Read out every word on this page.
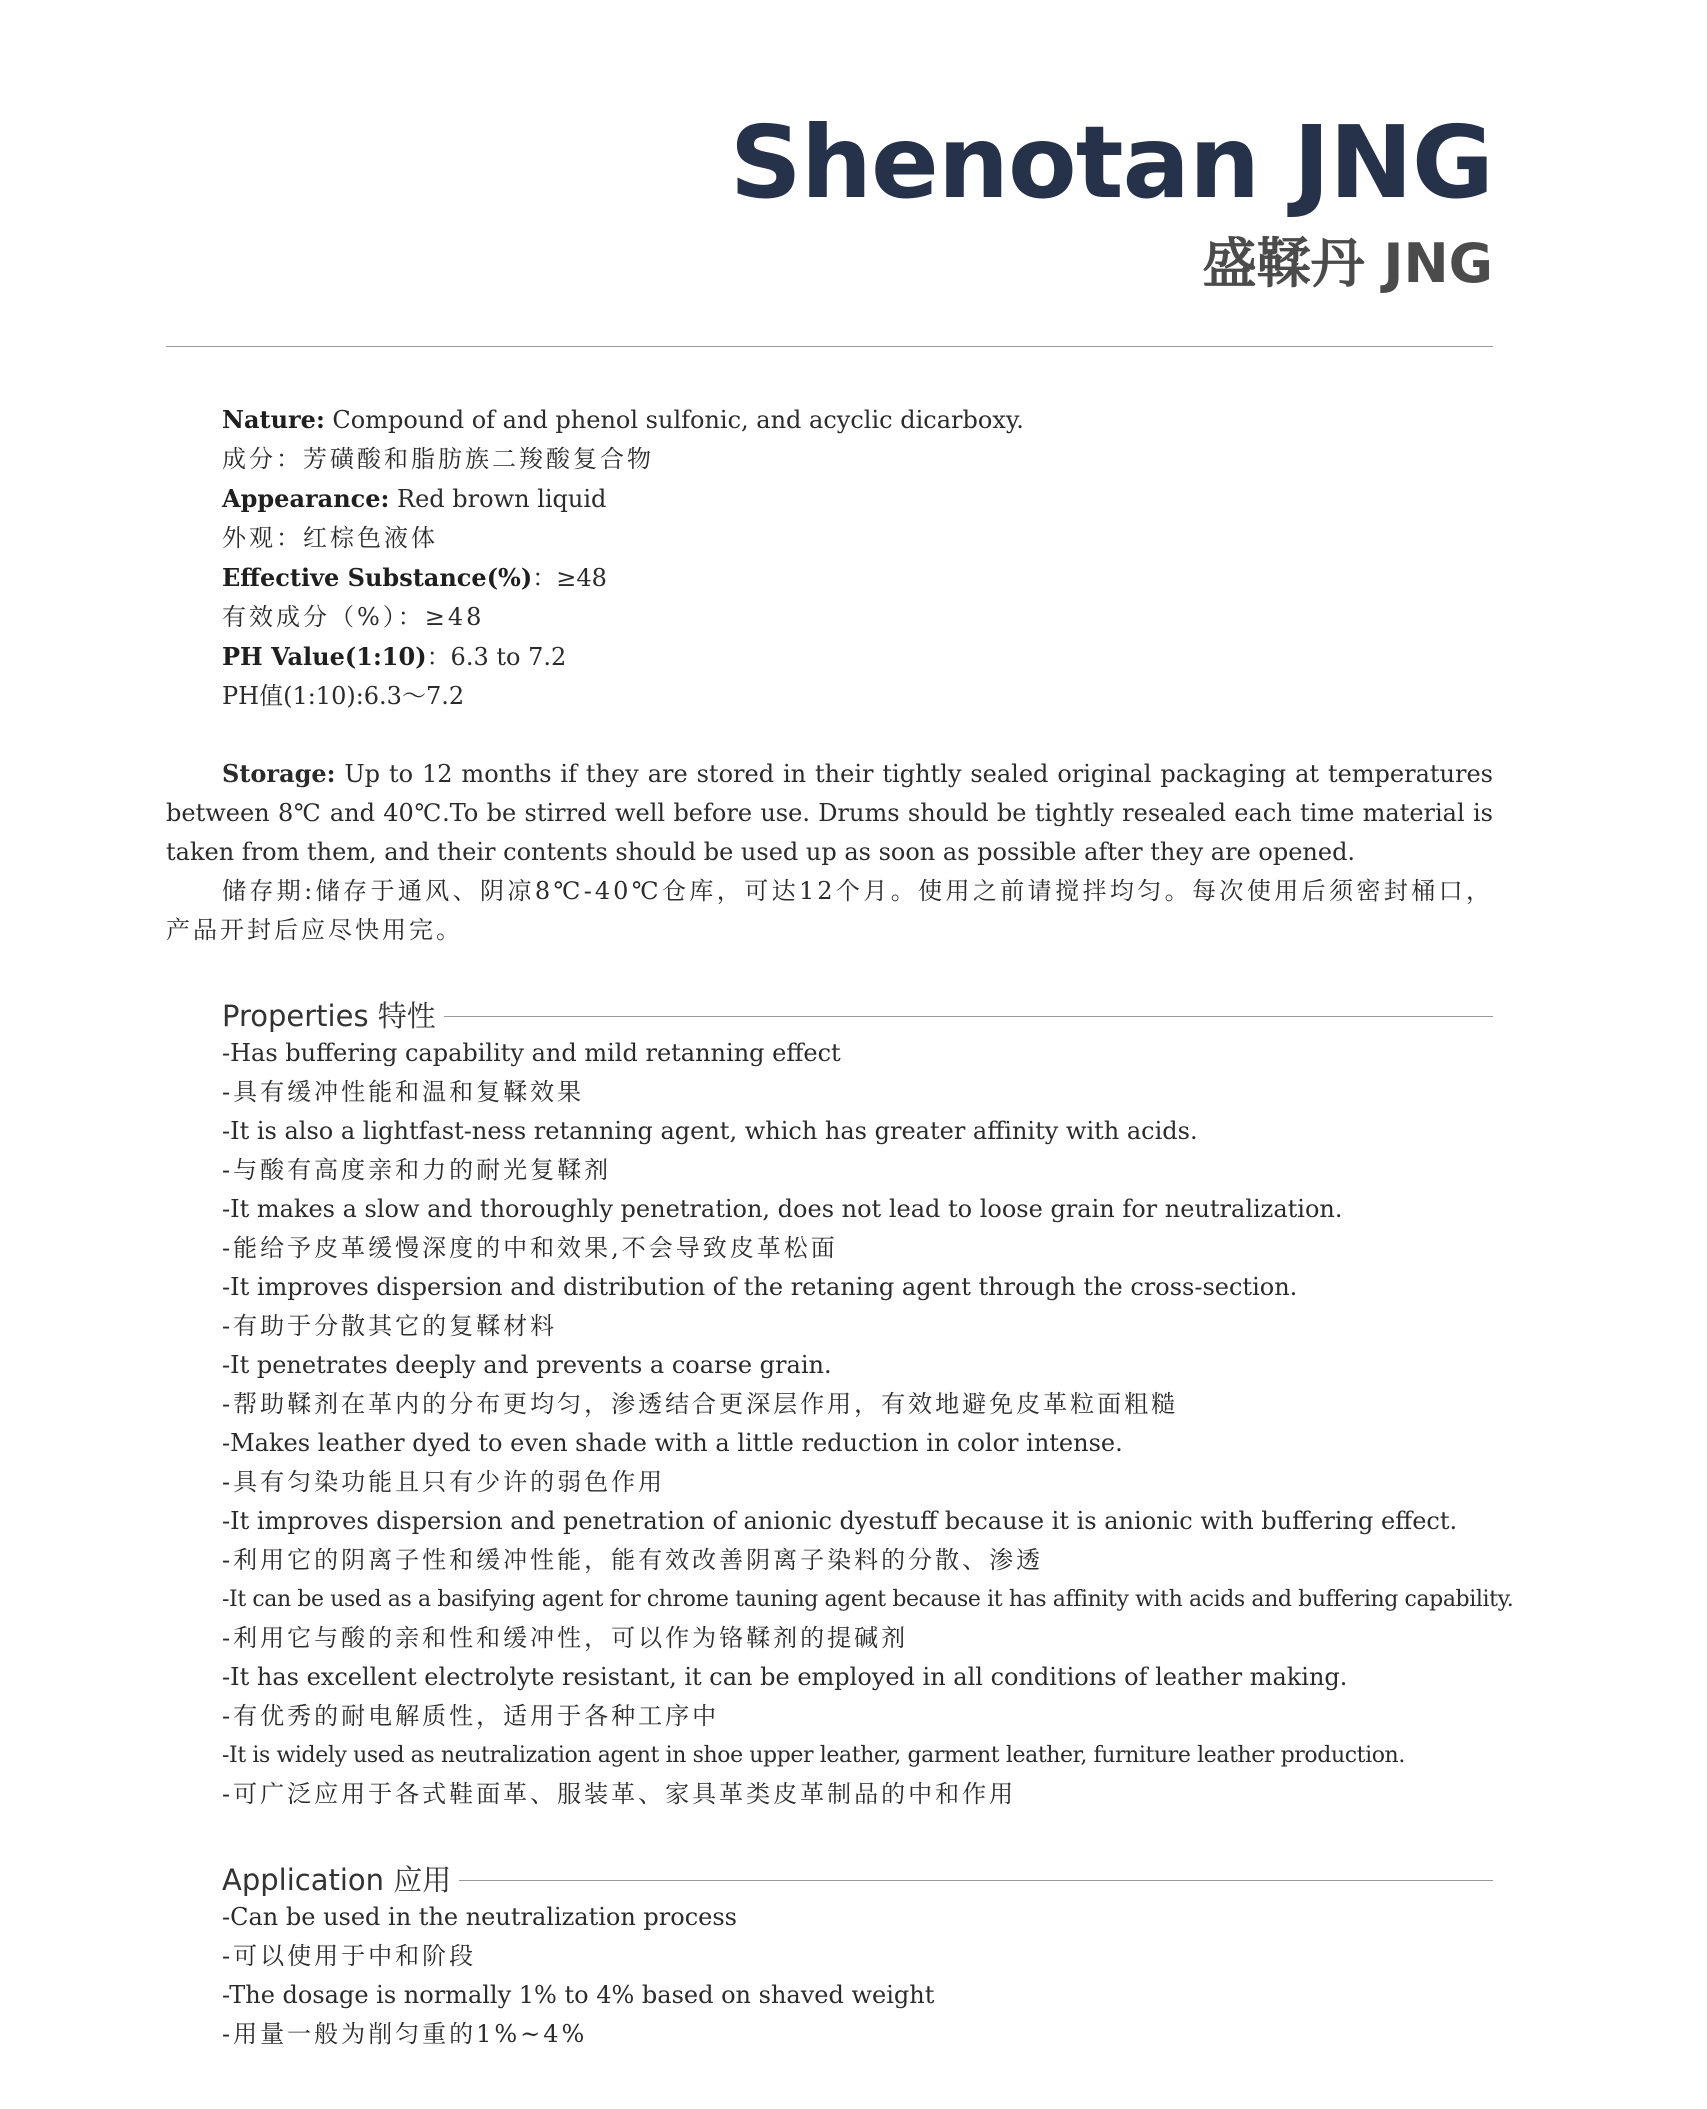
Shenotan JNG
盛鞣丹 JNG
Nature: Compound of and phenol sulfonic, and acyclic dicarboxy.
成分：芳磺酸和脂肪族二羧酸复合物
Appearance: Red brown liquid
外观：红棕色液体
Effective Substance(%)：≥48
有效成分（%）：≥48
PH Value(1:10)：6.3 to 7.2
PH值(1:10):6.3～7.2
Storage: Up to 12 months if they are stored in their tightly sealed original packaging at temperatures between 8℃ and 40℃.To be stirred well before use. Drums should be tightly resealed each time material is taken from them, and their contents should be used up as soon as possible after they are opened.
储存期:储存于通风、阴凉8℃-40℃仓库，可达12个月。使用之前请搅拌均匀。每次使用后须密封桶口，产品开封后应尽快用完。
Properties 特性
-Has buffering capability and mild retanning effect
-具有缓冲性能和温和复鞣效果
-It is also a lightfast-ness retanning agent, which has greater affinity with acids.
-与酸有高度亲和力的耐光复鞣剂
-It makes a slow and thoroughly penetration, does not lead to loose grain for neutralization.
-能给予皮革缓慢深度的中和效果,不会导致皮革松面
-It improves dispersion and distribution of the retaning agent through the cross-section.
-有助于分散其它的复鞣材料
-It penetrates deeply and prevents a coarse grain.
-帮助鞣剂在革内的分布更均匀，渗透结合更深层作用，有效地避免皮革粒面粗糙
-Makes leather dyed to even shade with a little reduction in color intense.
-具有匀染功能且只有少许的弱色作用
-It improves dispersion and penetration of anionic dyestuff because it is anionic with buffering effect.
-利用它的阴离子性和缓冲性能，能有效改善阴离子染料的分散、渗透
-It can be used as a basifying agent for chrome tauning agent because it has affinity with acids and buffering capability.
-利用它与酸的亲和性和缓冲性，可以作为铬鞣剂的提碱剂
-It has excellent electrolyte resistant, it can be employed in all conditions of leather making.
-有优秀的耐电解质性，适用于各种工序中
-It is widely used as neutralization agent in shoe upper leather, garment leather, furniture leather production.
-可广泛应用于各式鞋面革、服装革、家具革类皮革制品的中和作用
Application 应用
-Can be used in the neutralization process
-可以使用于中和阶段
-The dosage is normally 1% to 4% based on shaved weight
-用量一般为削匀重的1%~4%
